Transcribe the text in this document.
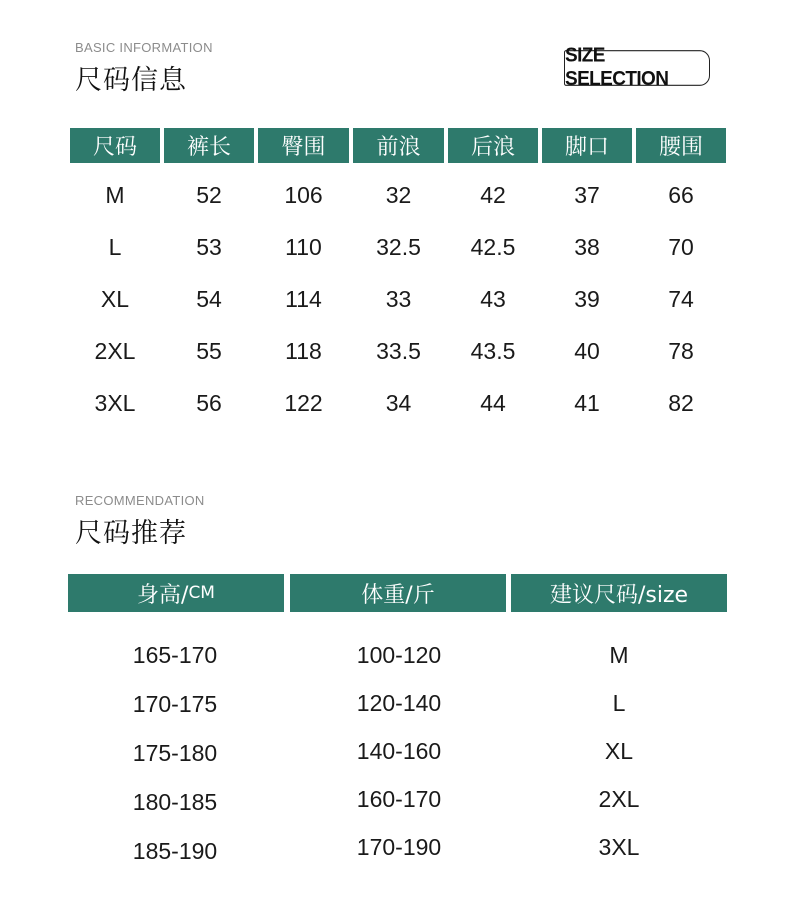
BASIC INFORMATION
尺码信息
SIZE SELECTION
尺码	裤长	臀围	前浪	后浪	脚口	腰围
M	52	106	32	42	37	66
L	53	110	32.5	42.5	38	70
XL	54	114	33	43	39	74
2XL	55	118	33.5	43.5	40	78
3XL	56	122	34	44	41	82
RECOMMENDATION
尺码推荐
身高/ CM	体重/斤	建议尺码/size
165-170	100-120	M
170-175	120-140	L
175-180	140-160	XL
180-185	160-170	2XL
185-190	170-190	3XL
